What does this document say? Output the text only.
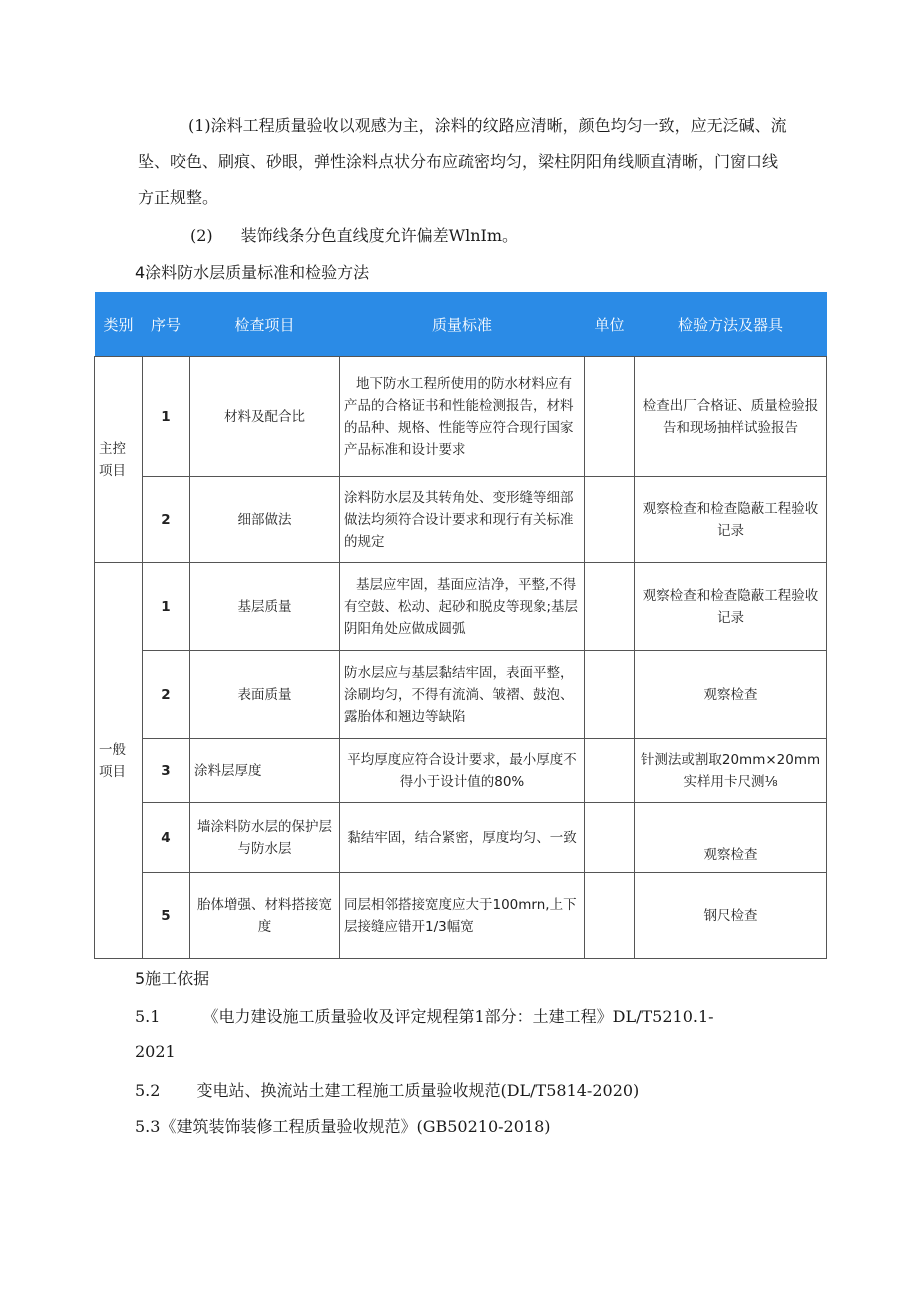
(1)涂料工程质量验收以观感为主，涂料的纹路应清晰，颜色均匀一致，应无泛碱、流
坠、咬色、刷痕、砂眼，弹性涂料点状分布应疏密均匀，梁柱阴阳角线顺直清晰，门窗口线
方正规整。
(2) 装饰线条分色直线度允许偏差WlnIm。
4涂料防水层质量标准和检验方法
类别	序号	检查项目	质量标准	单位	检验方法及器具
主控项目	1	材料及配合比	地下防水工程所使用的防水材料应有产品的合格证书和性能检测报告，材料的品种、规格、性能等应符合现行国家产品标准和设计要求		检查出厂合格证、质量检验报告和现场抽样试验报告
	2	细部做法	涂料防水层及其转角处、变形缝等细部做法均须符合设计要求和现行有关标准的规定		观察检查和检查隐蔽工程验收记录
一般项目	1	基层质量	基层应牢固，基面应洁净，平整,不得有空鼓、松动、起砂和脱皮等现象;基层阴阳角处应做成圆弧		观察检查和检查隐蔽工程验收记录
	2	表面质量	防水层应与基层黏结牢固，表面平整，涂刷均匀，不得有流淌、皱褶、鼓泡、露胎体和翘边等缺陷		观察检查
	3	涂料层厚度	平均厚度应符合设计要求，最小厚度不得小于设计值的80%		针测法或割取20mm×20mm实样用卡尺测⅛
	4	墙涂料防水层的保护层与防水层	黏结牢固，结合紧密，厚度均匀、一致		观察检查
	5	胎体增强、材料搭接宽度	同层相邻搭接宽度应大于100mrn,上下层接缝应错开1/3幅宽		钢尺检查
5施工依据
5.1	《电力建设施工质量验收及评定规程第1部分：土建工程》DL/T5210.1-
2021
5.2 变电站、换流站土建工程施工质量验收规范(DL/T5814-2020)
5.3《建筑装饰装修工程质量验收规范》(GB50210-2018)
